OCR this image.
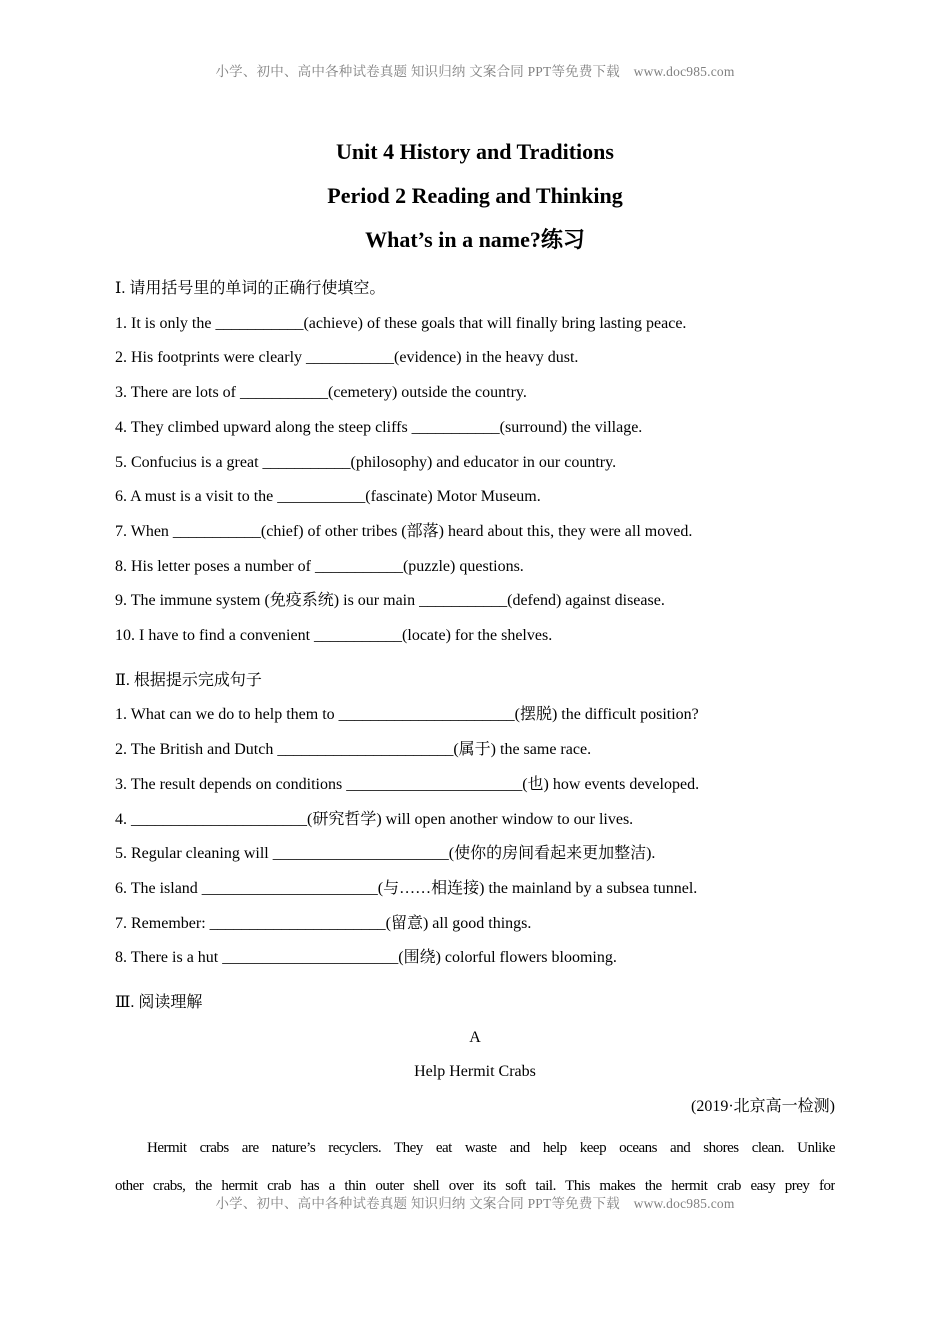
小学、初中、高中各种试卷真题 知识归纳 文案合同 PPT等免费下载　www.doc985.com
Unit 4 History and Traditions
Period 2 Reading and Thinking
What’s in a name?练习
Ⅰ. 请用括号里的单词的正确行使填空。
1. It is only the ___________(achieve) of these goals that will finally bring lasting peace.
2. His footprints were clearly ___________(evidence) in the heavy dust.
3. There are lots of ___________(cemetery) outside the country.
4. They climbed upward along the steep cliffs ___________(surround) the village.
5. Confucius is a great ___________(philosophy) and educator in our country.
6. A must is a visit to the ___________(fascinate) Motor Museum.
7. When ___________(chief) of other tribes (部落) heard about this, they were all moved.
8. His letter poses a number of ___________(puzzle) questions.
9. The immune system (免疫系统) is our main ___________(defend) against disease.
10. I have to find a convenient ___________(locate) for the shelves.
Ⅱ. 根据提示完成句子
1. What can we do to help them to ______________________(摆脱) the difficult position?
2. The British and Dutch ______________________(属于) the same race.
3. The result depends on conditions ______________________(也) how events developed.
4. ______________________(研究哲学) will open another window to our lives.
5. Regular cleaning will ______________________(使你的房间看起来更加整洁).
6. The island ______________________(与……相连接) the mainland by a subsea tunnel.
7. Remember: ______________________(留意) all good things.
8. There is a hut ______________________(围绕) colorful flowers blooming.
Ⅲ. 阅读理解
A
Help Hermit Crabs
(2019·北京高一检测)
Hermit crabs are nature’s recyclers. They eat waste and help keep oceans and shores clean. Unlike
other crabs, the hermit crab has a thin outer shell over its soft tail. This makes the hermit crab easy prey for
小学、初中、高中各种试卷真题 知识归纳 文案合同 PPT等免费下载　www.doc985.com
